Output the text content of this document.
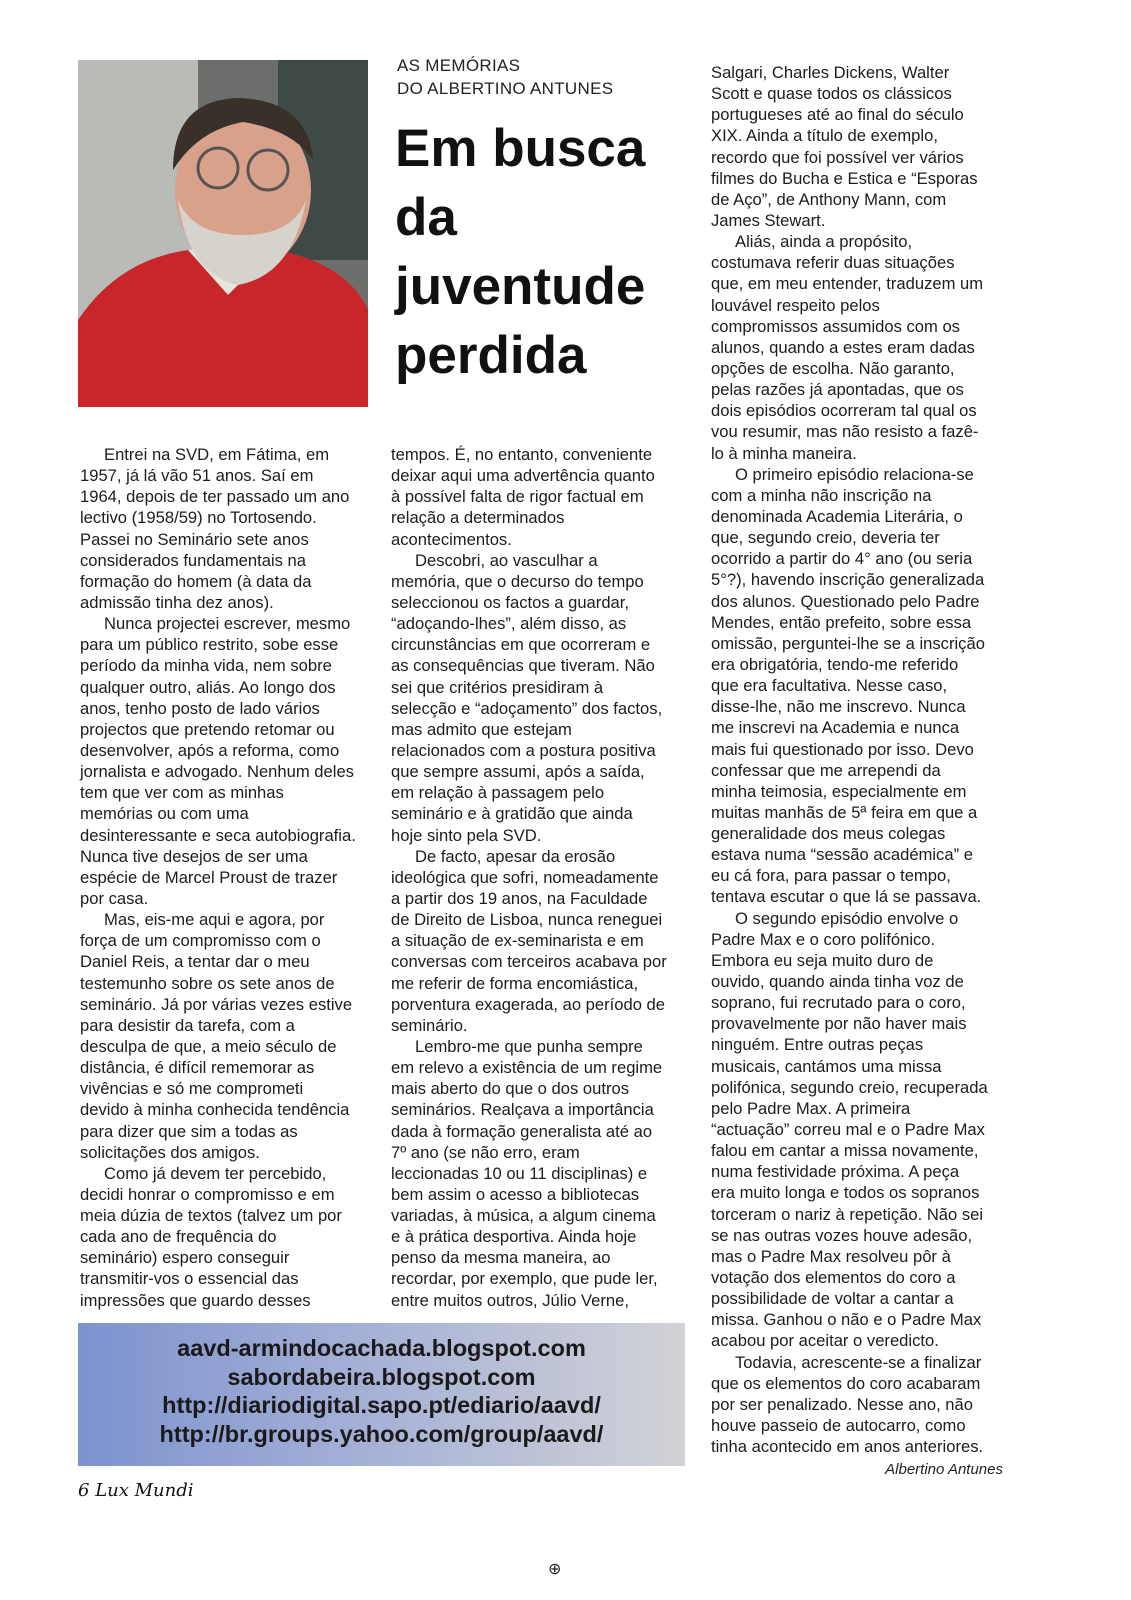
AS MEMÓRIAS
DO ALBERTINO ANTUNES
Em busca
da
juventude
perdida
Entrei na SVD, em Fátima, em
1957, já lá vão 51 anos. Saí em
1964, depois de ter passado um ano
lectivo (1958/59) no Tortosendo.
Passei no Seminário sete anos
considerados fundamentais na
formação do homem (à data da
admissão tinha dez anos).
Nunca projectei escrever, mesmo
para um público restrito, sobe esse
período da minha vida, nem sobre
qualquer outro, aliás. Ao longo dos
anos, tenho posto de lado vários
projectos que pretendo retomar ou
desenvolver, após a reforma, como
jornalista e advogado. Nenhum deles
tem que ver com as minhas
memórias ou com uma
desinteressante e seca autobiografia.
Nunca tive desejos de ser uma
espécie de Marcel Proust de trazer
por casa.
Mas, eis-me aqui e agora, por
força de um compromisso com o
Daniel Reis, a tentar dar o meu
testemunho sobre os sete anos de
seminário. Já por várias vezes estive
para desistir da tarefa, com a
desculpa de que, a meio século de
distância, é difícil rememorar as
vivências e só me comprometi
devido à minha conhecida tendência
para dizer que sim a todas as
solicitações dos amigos.
Como já devem ter percebido,
decidi honrar o compromisso e em
meia dúzia de textos (talvez um por
cada ano de frequência do
seminário) espero conseguir
transmitir-vos o essencial das
impressões que guardo desses
tempos. É, no entanto, conveniente
deixar aqui uma advertência quanto
à possível falta de rigor factual em
relação a determinados
acontecimentos.
Descobri, ao vasculhar a
memória, que o decurso do tempo
seleccionou os factos a guardar,
“adoçando-lhes”, além disso, as
circunstâncias em que ocorreram e
as consequências que tiveram. Não
sei que critérios presidiram à
selecção e “adoçamento” dos factos,
mas admito que estejam
relacionados com a postura positiva
que sempre assumi, após a saída,
em relação à passagem pelo
seminário e à gratidão que ainda
hoje sinto pela SVD.
De facto, apesar da erosão
ideológica que sofri, nomeadamente
a partir dos 19 anos, na Faculdade
de Direito de Lisboa, nunca reneguei
a situação de ex-seminarista e em
conversas com terceiros acabava por
me referir de forma encomiástica,
porventura exagerada, ao período de
seminário.
Lembro-me que punha sempre
em relevo a existência de um regime
mais aberto do que o dos outros
seminários. Realçava a importância
dada à formação generalista até ao
7º ano (se não erro, eram
leccionadas 10 ou 11 disciplinas) e
bem assim o acesso a bibliotecas
variadas, à música, a algum cinema
e à prática desportiva. Ainda hoje
penso da mesma maneira, ao
recordar, por exemplo, que pude ler,
entre muitos outros, Júlio Verne,
Salgari, Charles Dickens, Walter
Scott e quase todos os clássicos
portugueses até ao final do século
XIX. Ainda a título de exemplo,
recordo que foi possível ver vários
filmes do Bucha e Estica e “Esporas
de Aço”, de Anthony Mann, com
James Stewart.
Aliás, ainda a propósito,
costumava referir duas situações
que, em meu entender, traduzem um
louvável respeito pelos
compromissos assumidos com os
alunos, quando a estes eram dadas
opções de escolha. Não garanto,
pelas razões já apontadas, que os
dois episódios ocorreram tal qual os
vou resumir, mas não resisto a fazê-
lo à minha maneira.
O primeiro episódio relaciona-se
com a minha não inscrição na
denominada Academia Literária, o
que, segundo creio, deveria ter
ocorrido a partir do 4° ano (ou seria
5°?), havendo inscrição generalizada
dos alunos. Questionado pelo Padre
Mendes, então prefeito, sobre essa
omissão, perguntei-lhe se a inscrição
era obrigatória, tendo-me referido
que era facultativa. Nesse caso,
disse-lhe, não me inscrevo. Nunca
me inscrevi na Academia e nunca
mais fui questionado por isso. Devo
confessar que me arrependi da
minha teimosia, especialmente em
muitas manhãs de 5ª feira em que a
generalidade dos meus colegas
estava numa “sessão académica” e
eu cá fora, para passar o tempo,
tentava escutar o que lá se passava.
O segundo episódio envolve o
Padre Max e o coro polifónico.
Embora eu seja muito duro de
ouvido, quando ainda tinha voz de
soprano, fui recrutado para o coro,
provavelmente por não haver mais
ninguém. Entre outras peças
musicais, cantámos uma missa
polifónica, segundo creio, recuperada
pelo Padre Max. A primeira
“actuação” correu mal e o Padre Max
falou em cantar a missa novamente,
numa festividade próxima. A peça
era muito longa e todos os sopranos
torceram o nariz à repetição. Não sei
se nas outras vozes houve adesão,
mas o Padre Max resolveu pôr à
votação dos elementos do coro a
possibilidade de voltar a cantar a
missa. Ganhou o não e o Padre Max
acabou por aceitar o veredicto.
Todavia, acrescente-se a finalizar
que os elementos do coro acabaram
por ser penalizado. Nesse ano, não
houve passeio de autocarro, como
tinha acontecido em anos anteriores.
Albertino Antunes
aavd-armindocachada.blogspot.com
sabordabeira.blogspot.com
http://diariodigital.sapo.pt/ediario/aavd/
http://br.groups.yahoo.com/group/aavd/
6 Lux Mundi
⊕
